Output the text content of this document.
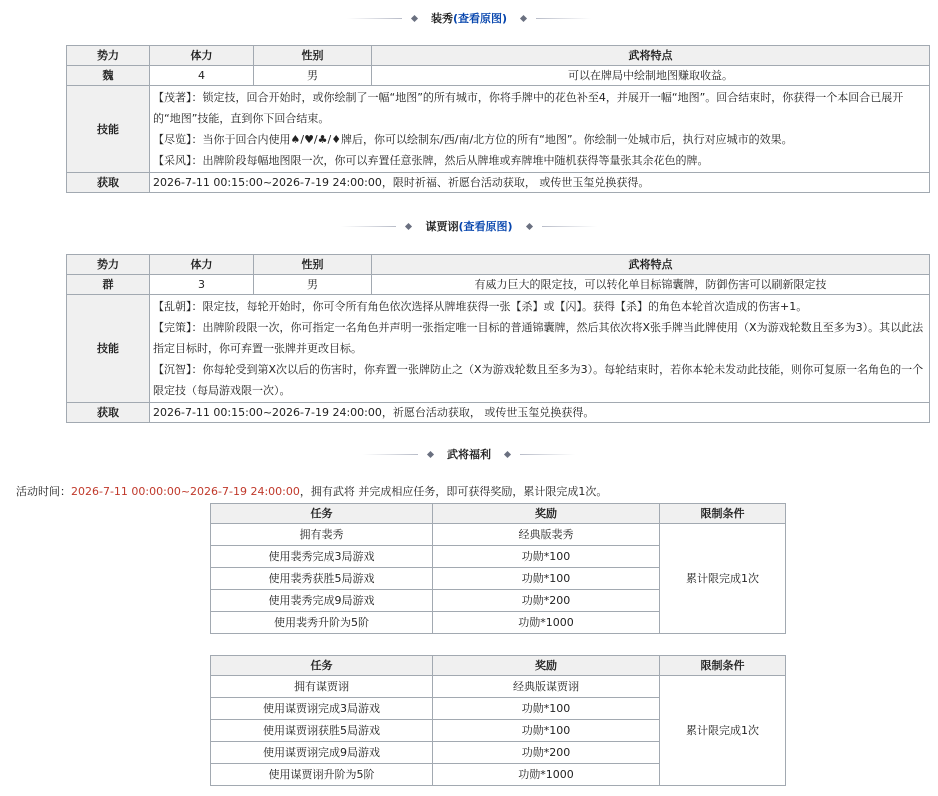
装秀(查看原图)
势力	体力	性别	武将特点
魏	4	男	可以在牌局中绘制地图赚取收益。
技能	【茂著】：锁定技，回合开始时，或你绘制了一幅“地图”的所有城市，你将手牌中的花色补至4，并展开一幅“地图”。回合结束时，你获得一个本回合已展开的“地图”技能，直到你下回合结束。
【尽览】：当你于回合内使用♠/♥/♣/♦牌后，你可以绘制东/西/南/北方位的所有“地图”。你绘制一处城市后，执行对应城市的效果。
【采风】：出牌阶段每幅地图限一次，你可以弃置任意张牌，然后从牌堆或弃牌堆中随机获得等量张其余花色的牌。		

获取	2026-7-11 00:15:00~2026-7-19 24:00:00，限时祈福、祈愿台活动获取， 或传世玉玺兑换获得。		
谋贾诩(查看原图)
势力	体力	性别	武将特点
群	3	男	有威力巨大的限定技，可以转化单目标锦囊牌，防御伤害可以刷新限定技
技能	【乱朝】：限定技，每轮开始时，你可令所有角色依次选择从牌堆获得一张【杀】或【闪】。获得【杀】的角色本轮首次造成的伤害+1。
【完策】：出牌阶段限一次，你可指定一名角色并声明一张指定唯一目标的普通锦囊牌，然后其依次将X张手牌当此牌使用（X为游戏轮数且至多为3）。其以此法指定目标时，你可弃置一张牌并更改目标。
【沉智】：你每轮受到第X次以后的伤害时，你弃置一张牌防止之（X为游戏轮数且至多为3）。每轮结束时，若你本轮未发动此技能，则你可复原一名角色的一个限定技（每局游戏限一次）。		

获取	2026-7-11 00:15:00~2026-7-19 24:00:00，祈愿台活动获取， 或传世玉玺兑换获得。		
武将福利
活动时间：2026-7-11 00:00:00~2026-7-19 24:00:00，拥有武将 并完成相应任务，即可获得奖励，累计限完成1次。
任务	奖励	限制条件
拥有裴秀	经典版裴秀	累计限完成1次
使用裴秀完成3局游戏	功勋*100	
使用裴秀获胜5局游戏	功勋*100	
使用裴秀完成9局游戏	功勋*200	
使用裴秀升阶为5阶	功勋*1000	
任务	奖励	限制条件
拥有谋贾诩	经典版谋贾诩	累计限完成1次
使用谋贾诩完成3局游戏	功勋*100	
使用谋贾诩获胜5局游戏	功勋*100	
使用谋贾诩完成9局游戏	功勋*200	
使用谋贾诩升阶为5阶	功勋*1000	
